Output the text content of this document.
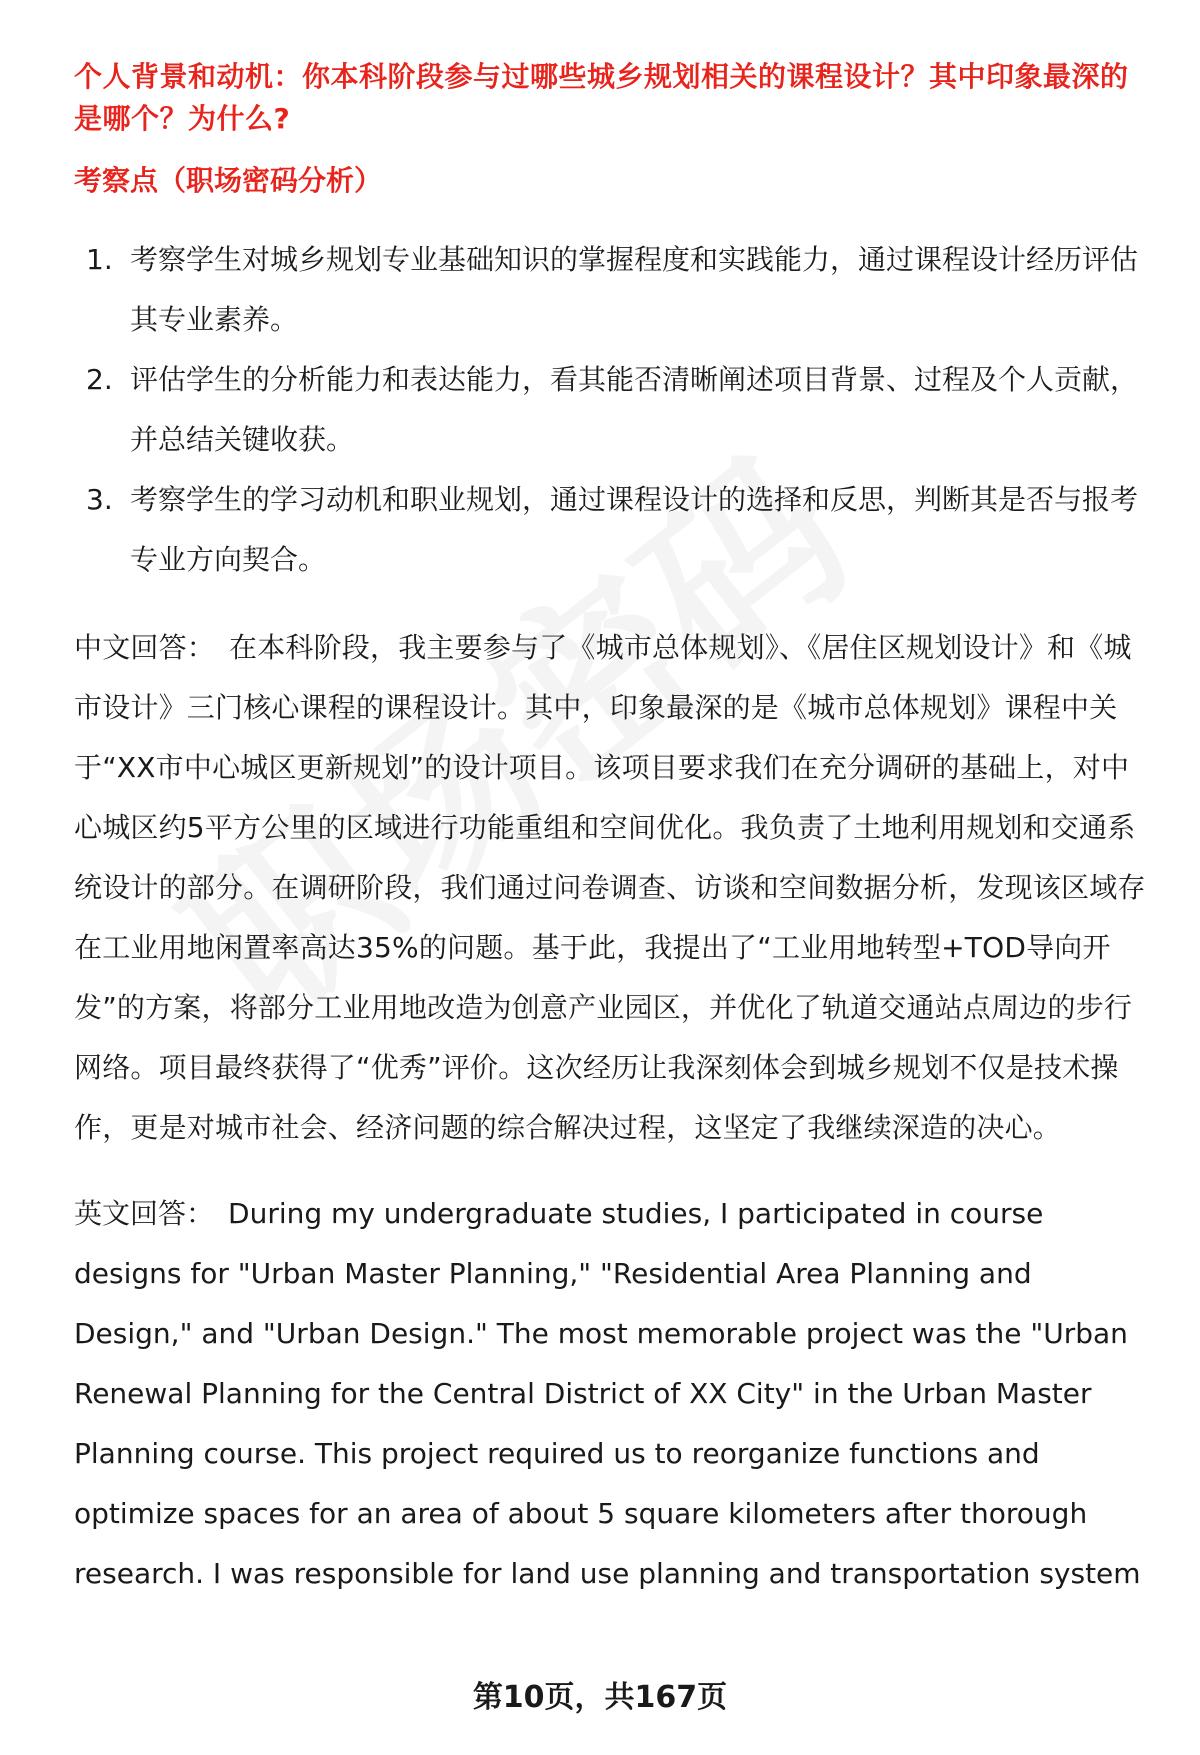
个人背景和动机：你本科阶段参与过哪些城乡规划相关的课程设计？其中印象最深的是哪个？为什么?
考察点（职场密码分析）
1. 考察学生对城乡规划专业基础知识的掌握程度和实践能力，通过课程设计经历评估其专业素养。
2. 评估学生的分析能力和表达能力，看其能否清晰阐述项目背景、过程及个人贡献，并总结关键收获。
3. 考察学生的学习动机和职业规划，通过课程设计的选择和反思，判断其是否与报考专业方向契合。

中文回答： 在本科阶段，我主要参与了《城市总体规划》、《居住区规划设计》和《城市设计》三门核心课程的课程设计。其中，印象最深的是《城市总体规划》课程中关于“XX市中心城区更新规划”的设计项目。该项目要求我们在充分调研的基础上，对中心城区约5平方公里的区域进行功能重组和空间优化。我负责了土地利用规划和交通系统设计的部分。在调研阶段，我们通过问卷调查、访谈和空间数据分析，发现该区域存在工业用地闲置率高达35%的问题。基于此，我提出了“工业用地转型+TOD导向开发”的方案，将部分工业用地改造为创意产业园区，并优化了轨道交通站点周边的步行网络。项目最终获得了“优秀”评价。这次经历让我深刻体会到城乡规划不仅是技术操作，更是对城市社会、经济问题的综合解决过程，这坚定了我继续深造的决心。

英文回答： During my undergraduate studies, I participated in course designs for "Urban Master Planning," "Residential Area Planning and Design," and "Urban Design." The most memorable project was the "Urban Renewal Planning for the Central District of XX City" in the Urban Master Planning course. This project required us to reorganize functions and optimize spaces for an area of about 5 square kilometers after thorough research. I was responsible for land use planning and transportation system

第10页，共167页
